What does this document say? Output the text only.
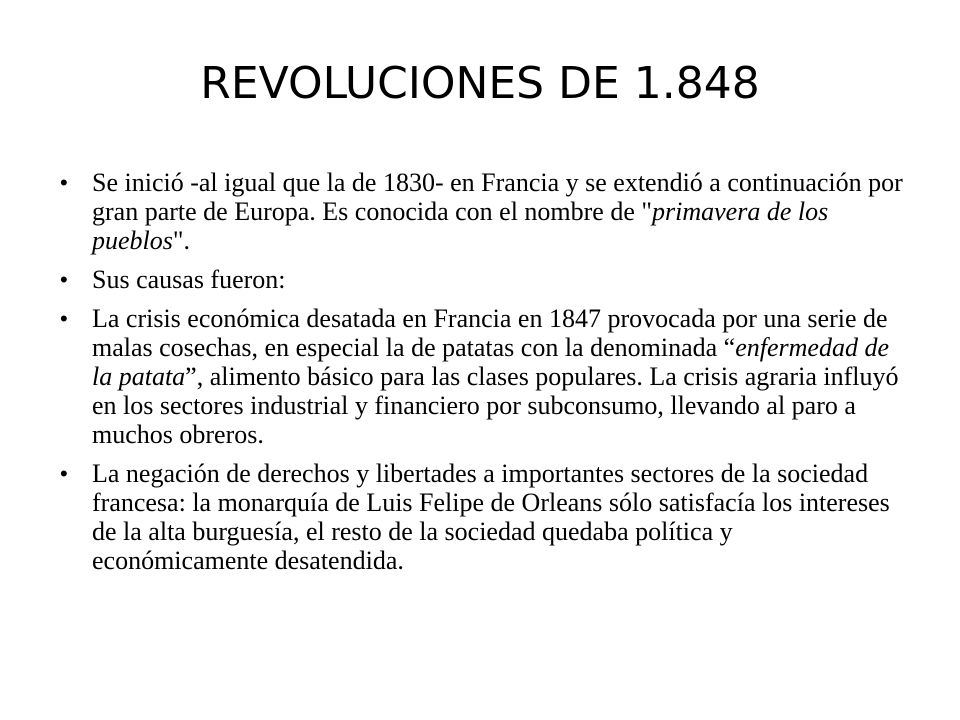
REVOLUCIONES DE 1.848
• Se inició -al igual que la de 1830- en Francia y se extendió a continuación por gran parte de Europa. Es conocida con el nombre de "primavera de los pueblos".
• Sus causas fueron:
• La crisis económica desatada en Francia en 1847 provocada por una serie de malas cosechas, en especial la de patatas con la denominada “enfermedad de la patata”, alimento básico para las clases populares. La crisis agraria influyó en los sectores industrial y financiero por subconsumo, llevando al paro a muchos obreros.
• La negación de derechos y libertades a importantes sectores de la sociedad francesa: la monarquía de Luis Felipe de Orleans sólo satisfacía los intereses de la alta burguesía, el resto de la sociedad quedaba política y económicamente desatendida.
